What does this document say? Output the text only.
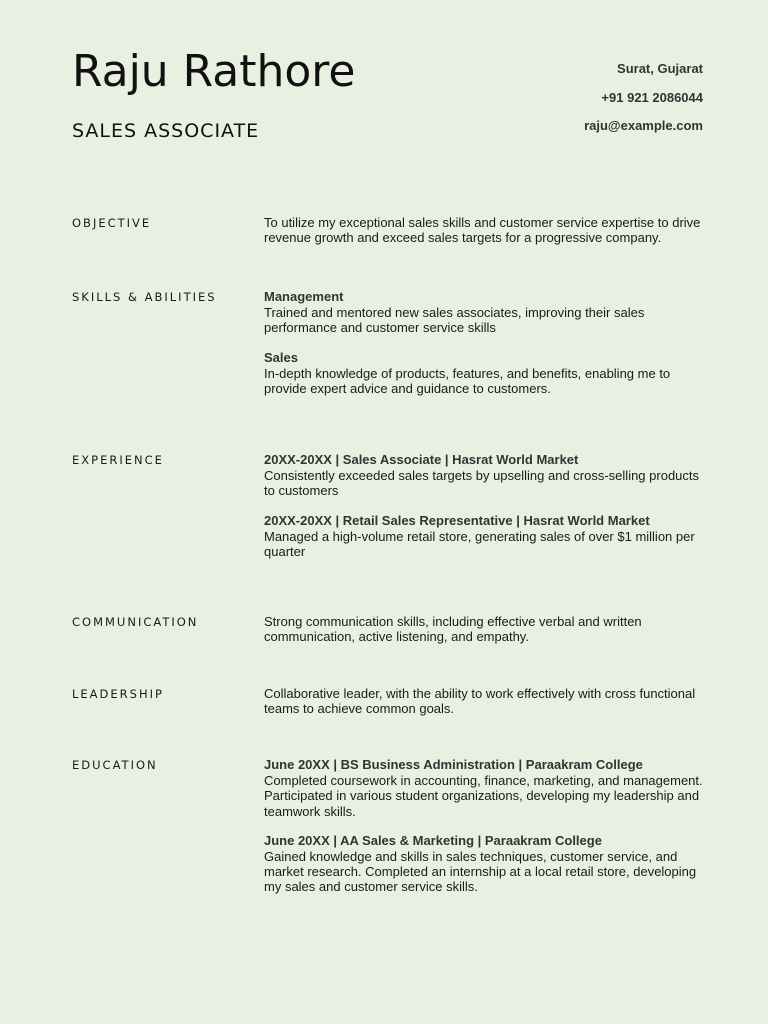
Raju Rathore
SALES ASSOCIATE
Surat, Gujarat
+91 921 2086044
raju@example.com
OBJECTIVE	To utilize my exceptional sales skills and customer service expertise to drive revenue growth and exceed sales targets for a progressive company.

SKILLS & ABILITIES	Management

Trained and mentored new sales associates, improving their sales performance and customer service skills

Sales

In-depth knowledge of products, features, and benefits, enabling me to provide expert advice and guidance to customers.

EXPERIENCE	20XX-20XX | Sales Associate | Hasrat World Market

Consistently exceeded sales targets by upselling and cross-selling products to customers

20XX-20XX | Retail Sales Representative | Hasrat World Market

Managed a high-volume retail store, generating sales of over $1 million per quarter

COMMUNICATION	Strong communication skills, including effective verbal and written communication, active listening, and empathy.

LEADERSHIP	Collaborative leader, with the ability to work effectively with cross functional teams to achieve common goals.

EDUCATION	June 20XX | BS Business Administration | Paraakram College

Completed coursework in accounting, finance, marketing, and management. Participated in various student organizations, developing my leadership and teamwork skills.

June 20XX | AA Sales & Marketing | Paraakram College

Gained knowledge and skills in sales techniques, customer service, and market research. Completed an internship at a local retail store, developing my sales and customer service skills.
